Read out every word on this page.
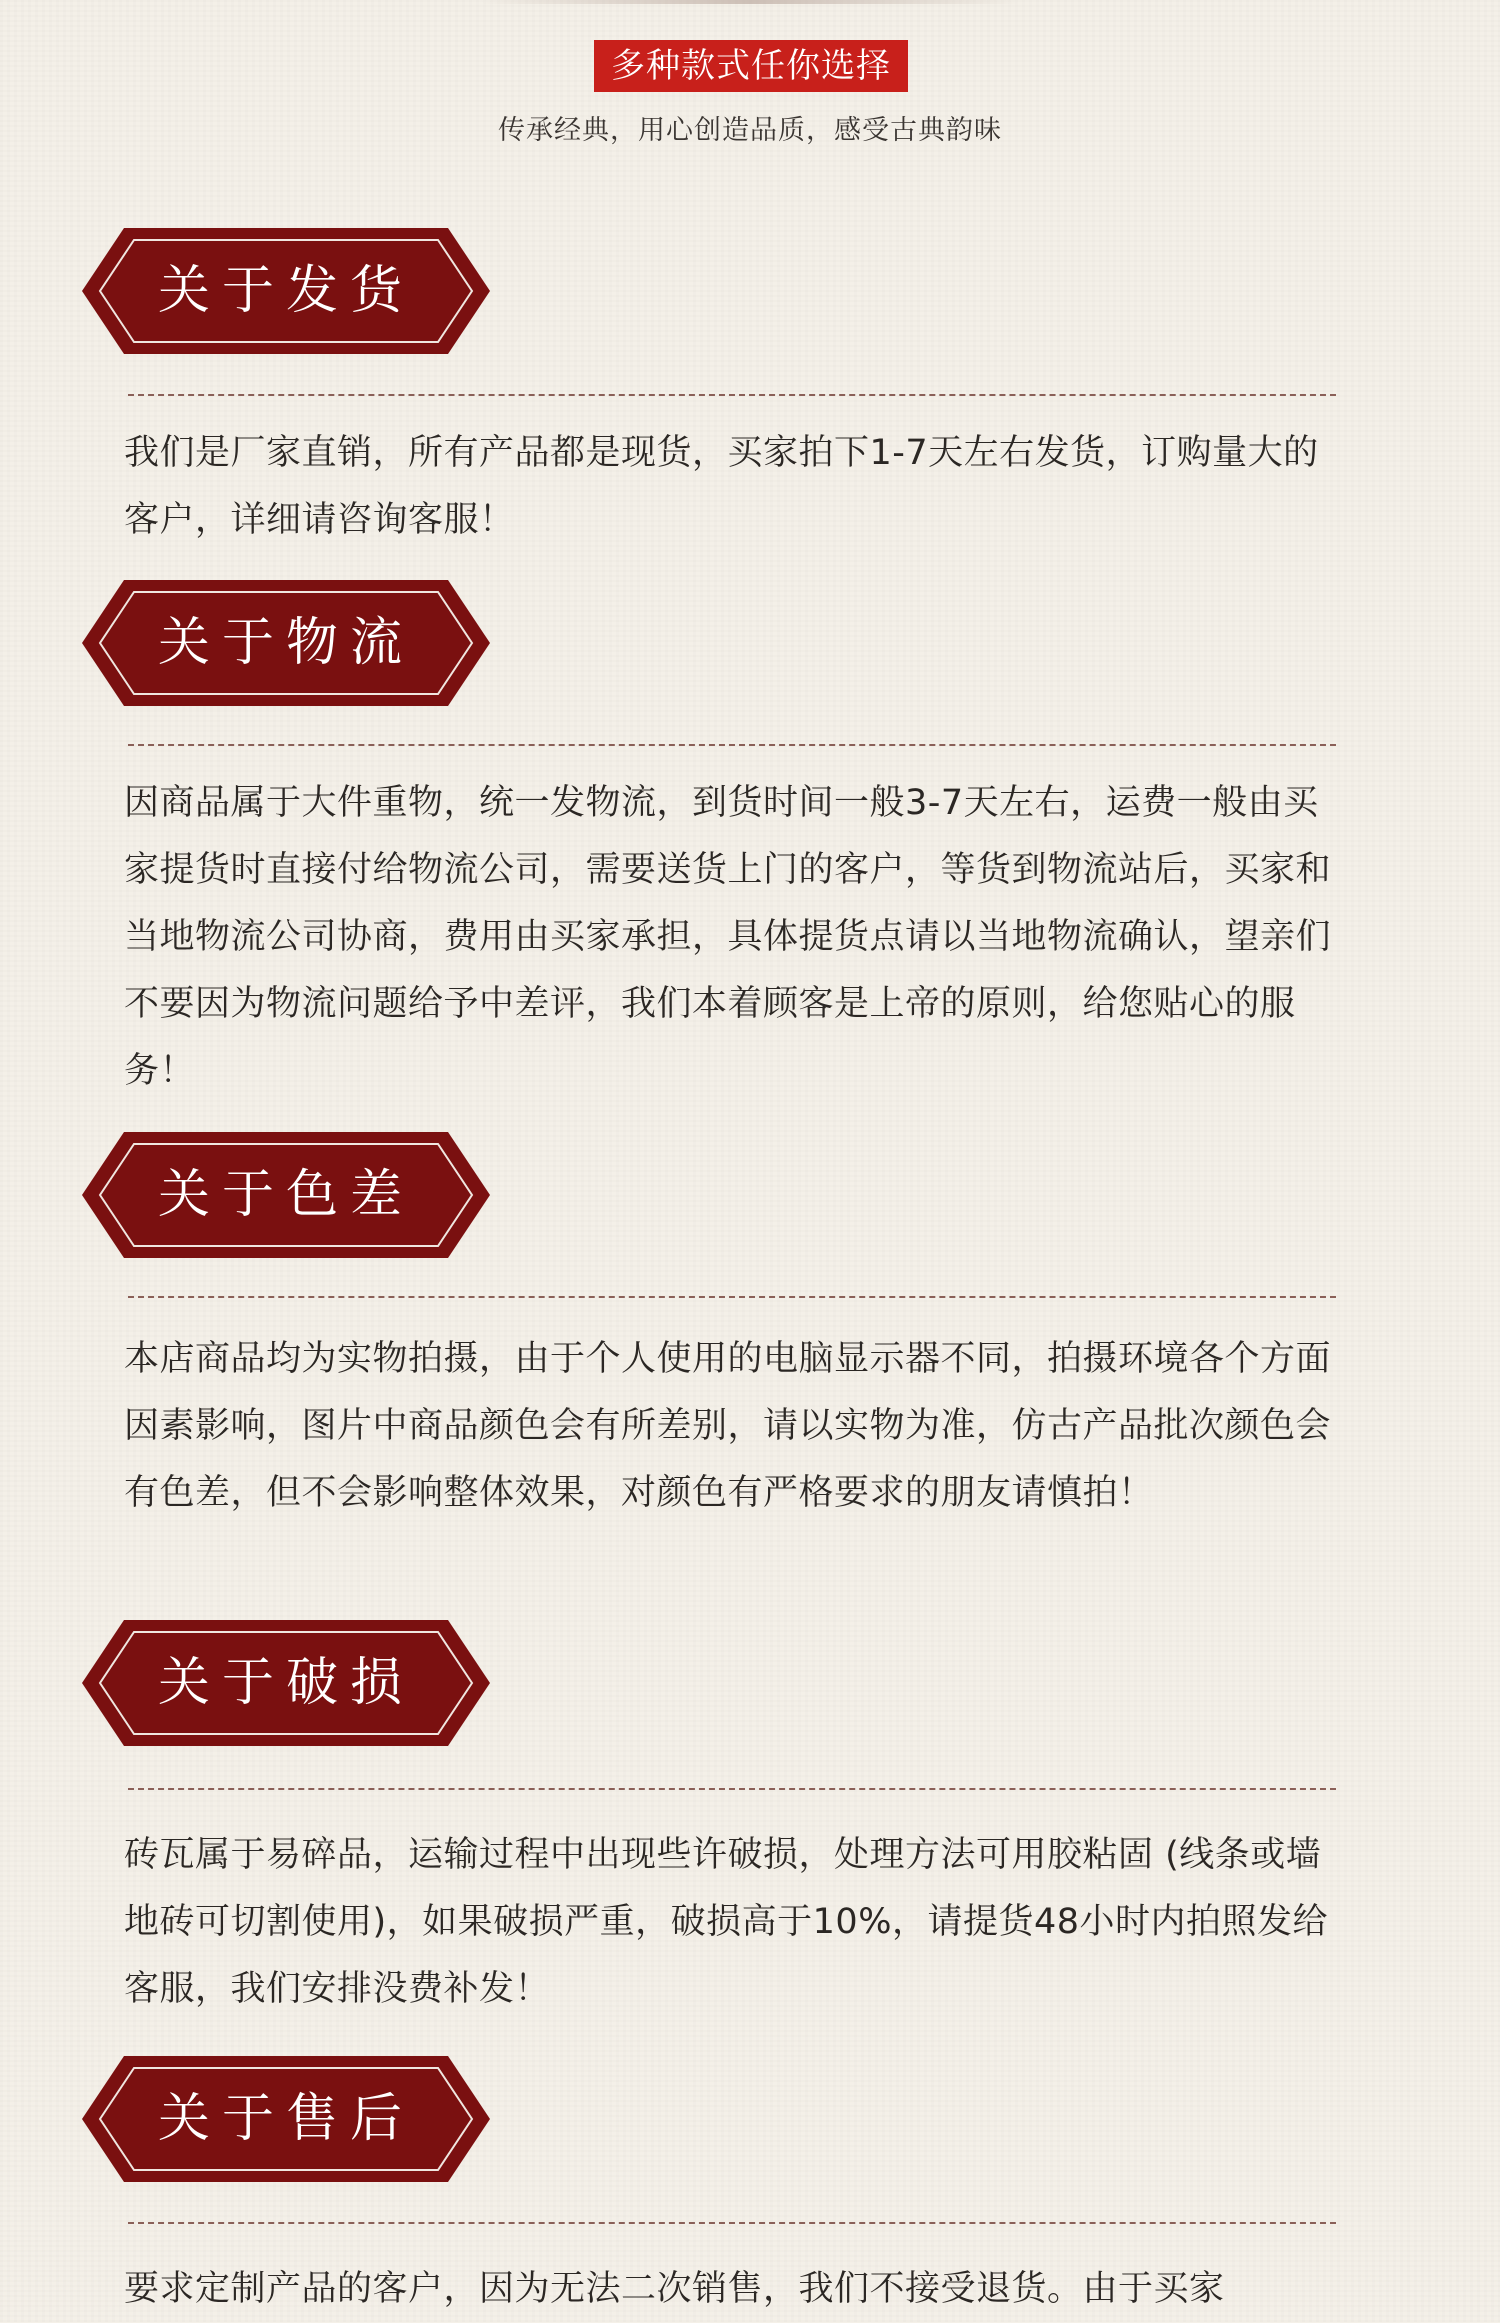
多种款式任你选择
传承经典，用心创造品质，感受古典韵味
关于发货
我们是厂家直销，所有产品都是现货，买家拍下1-7天左右发货，订购量大的客户，详细请咨询客服！
关于物流
因商品属于大件重物，统一发物流，到货时间一般3-7天左右，运费一般由买家提货时直接付给物流公司，需要送货上门的客户，等货到物流站后，买家和当地物流公司协商，费用由买家承担，具体提货点请以当地物流确认，望亲们不要因为物流问题给予中差评，我们本着顾客是上帝的原则，给您贴心的服务！
关于色差
本店商品均为实物拍摄，由于个人使用的电脑显示器不同，拍摄环境各个方面因素影响，图片中商品颜色会有所差别，请以实物为准，仿古产品批次颜色会有色差，但不会影响整体效果，对颜色有严格要求的朋友请慎拍！
关于破损
砖瓦属于易碎品，运输过程中出现些许破损，处理方法可用胶粘固 (线条或墙地砖可切割使用)，如果破损严重，破损高于10%，请提货48小时内拍照发给客服，我们安排没费补发！
关于售后
要求定制产品的客户，因为无法二次销售，我们不接受退货。由于买家
